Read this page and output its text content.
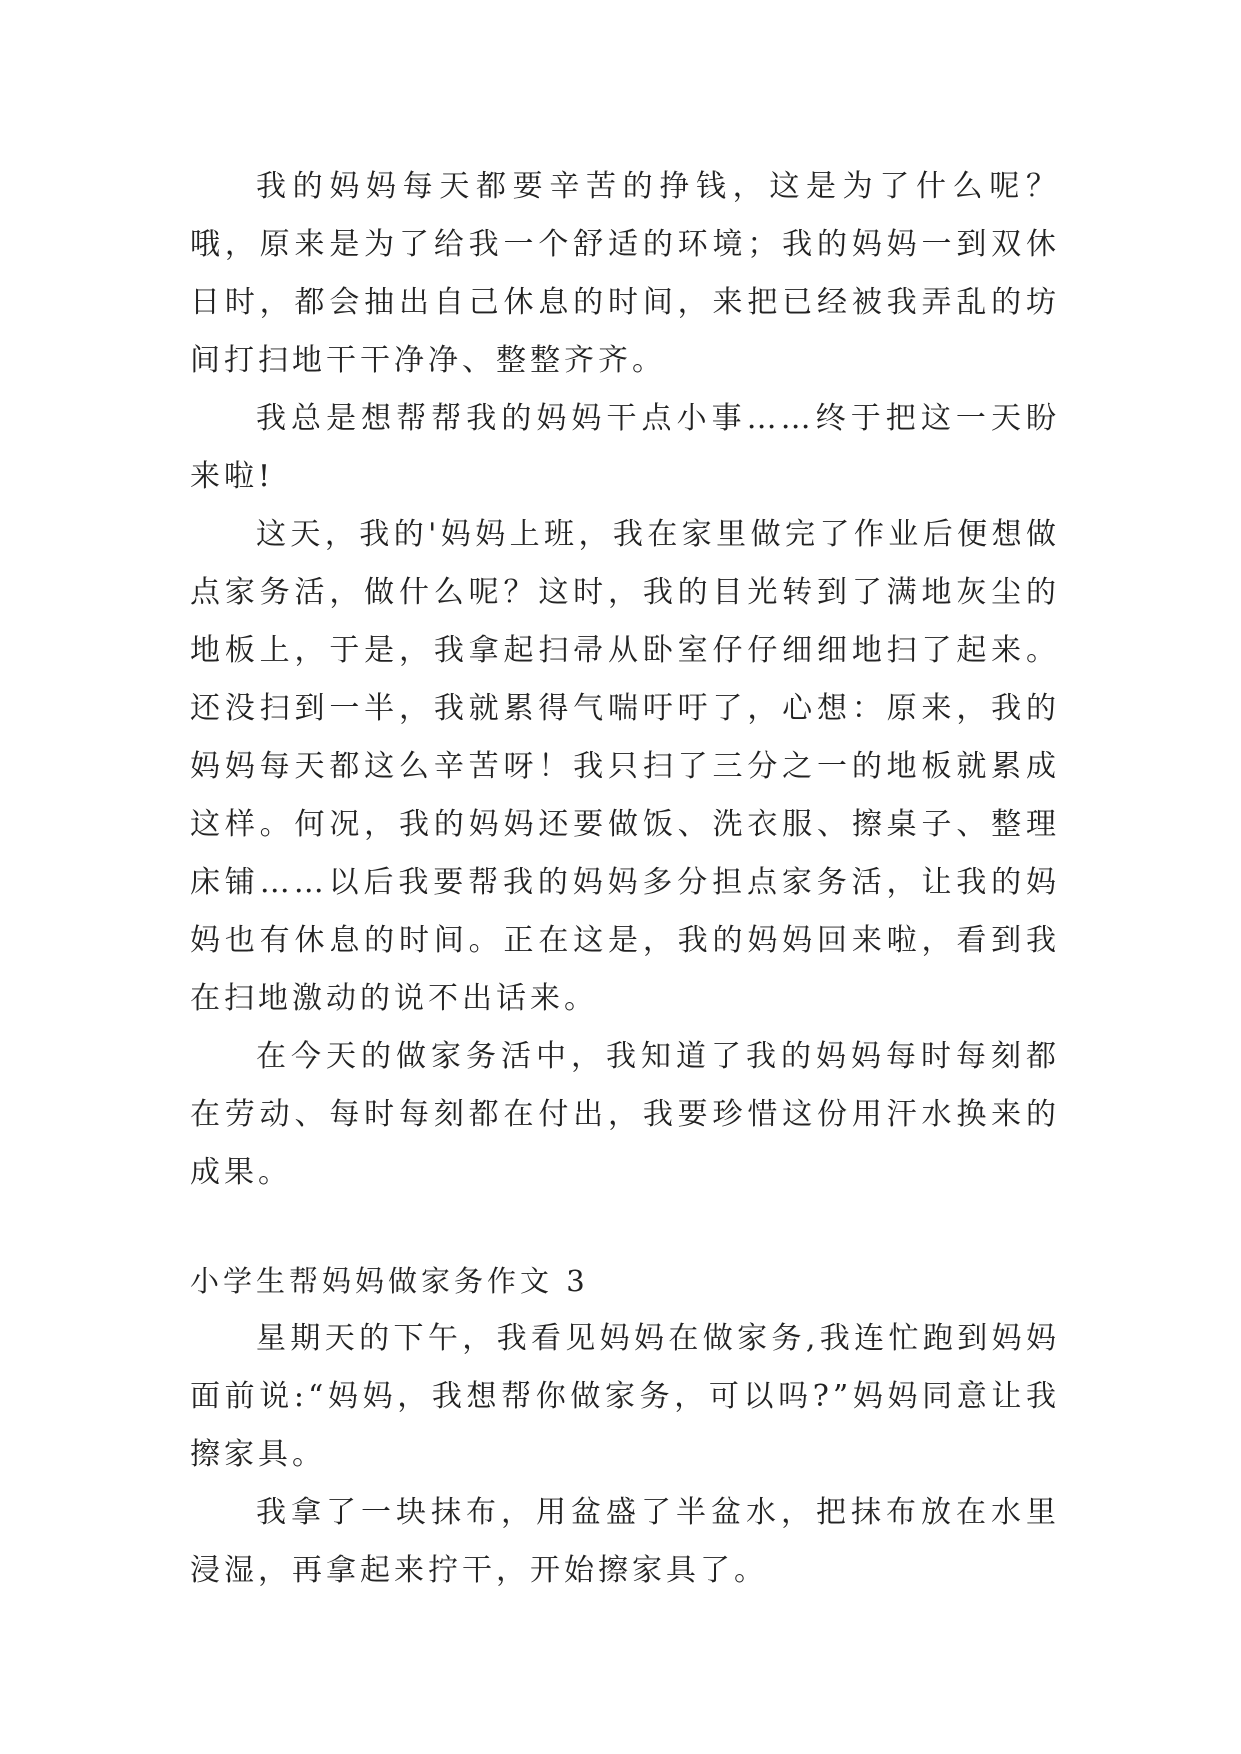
我的妈妈每天都要辛苦的挣钱，这是为了什么呢？哦，原来是为了给我一个舒适的环境；我的妈妈一到双休日时，都会抽出自己休息的时间，来把已经被我弄乱的坊间打扫地干干净净、整整齐齐。

我总是想帮帮我的妈妈干点小事……终于把这一天盼来啦!

这天，我的'妈妈上班，我在家里做完了作业后便想做点家务活，做什么呢？这时，我的目光转到了满地灰尘的地板上，于是，我拿起扫帚从卧室仔仔细细地扫了起来。还没扫到一半，我就累得气喘吁吁了，心想：原来，我的妈妈每天都这么辛苦呀！我只扫了三分之一的地板就累成这样。何况，我的妈妈还要做饭、洗衣服、擦桌子、整理床铺……以后我要帮我的妈妈多分担点家务活，让我的妈妈也有休息的时间。正在这是，我的妈妈回来啦，看到我在扫地激动的说不出话来。

在今天的做家务活中，我知道了我的妈妈每时每刻都在劳动、每时每刻都在付出，我要珍惜这份用汗水换来的成果。

小学生帮妈妈做家务作文 3

星期天的下午，我看见妈妈在做家务,我连忙跑到妈妈面前说:“妈妈，我想帮你做家务，可以吗?”妈妈同意让我擦家具。

我拿了一块抹布，用盆盛了半盆水，把抹布放在水里浸湿，再拿起来拧干，开始擦家具了。
